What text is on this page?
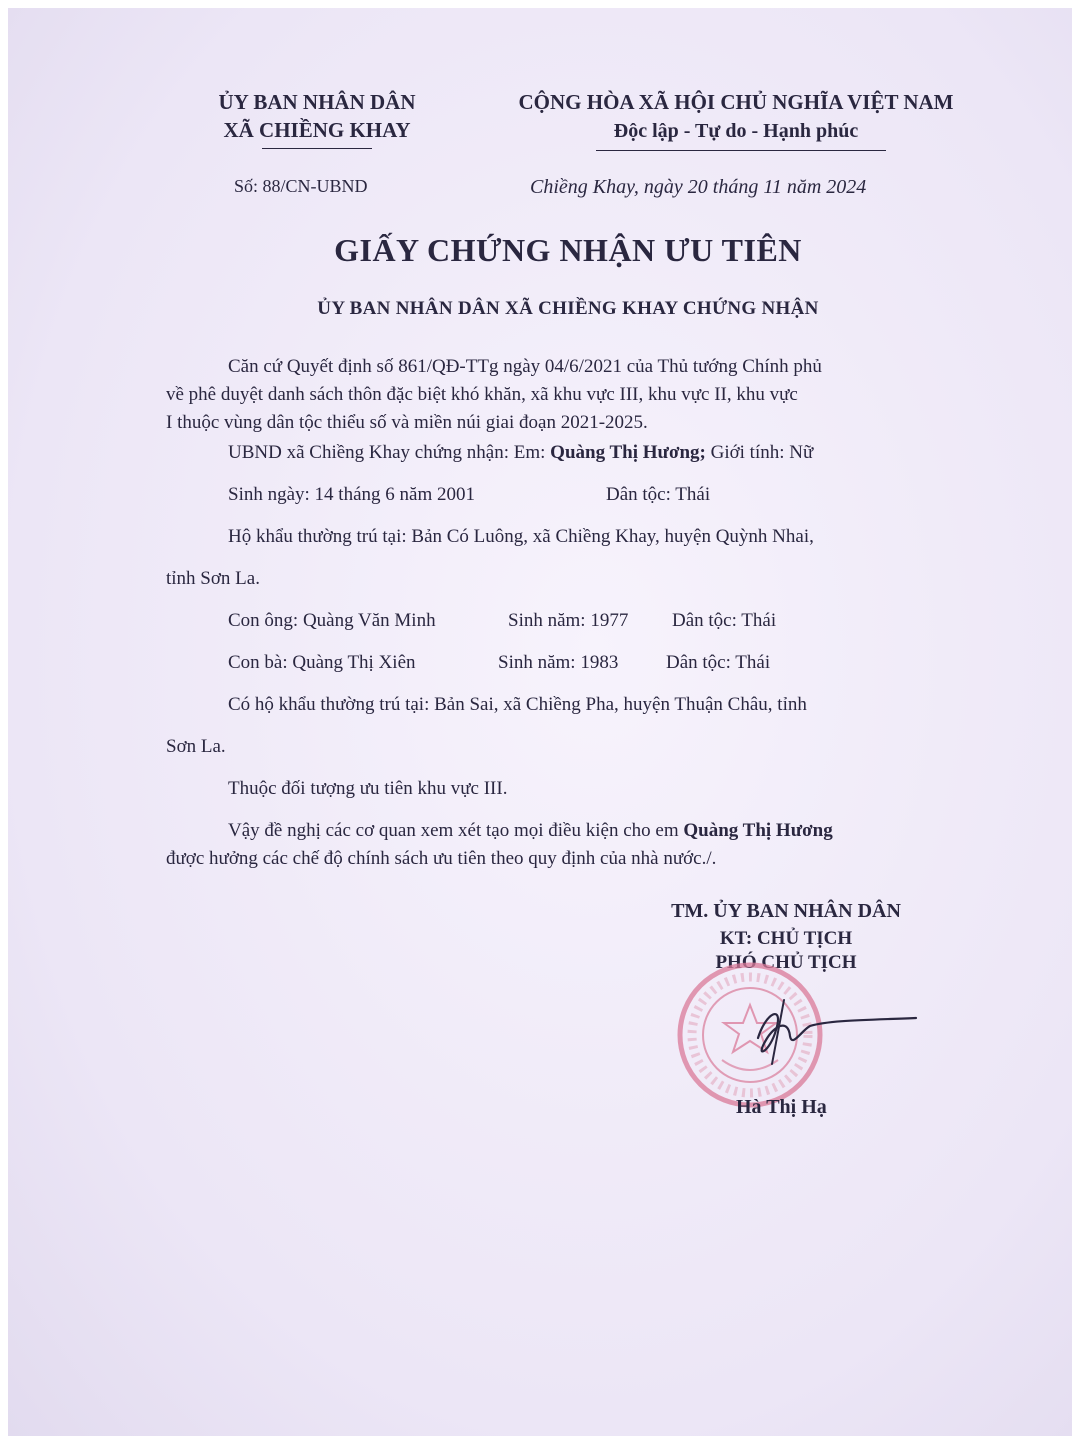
ỦY BAN NHÂN DÂN
XÃ CHIỀNG KHAY
CỘNG HÒA XÃ HỘI CHỦ NGHĨA VIỆT NAM
Độc lập - Tự do - Hạnh phúc
Số: 88/CN-UBND	Chiềng Khay, ngày 20 tháng 11 năm 2024
GIẤY CHỨNG NHẬN ƯU TIÊN
ỦY BAN NHÂN DÂN XÃ CHIỀNG KHAY CHỨNG NHẬN
Căn cứ Quyết định số 861/QĐ-TTg ngày 04/6/2021 của Thủ tướng Chính phủ
về phê duyệt danh sách thôn đặc biệt khó khăn, xã khu vực III, khu vực II, khu vực
I thuộc vùng dân tộc thiểu số và miền núi giai đoạn 2021-2025.
UBND xã Chiềng Khay chứng nhận: Em: Quàng Thị Hương; Giới tính: Nữ
Sinh ngày: 14 tháng 6 năm 2001	Dân tộc: Thái
Hộ khẩu thường trú tại: Bản Có Luông, xã Chiềng Khay, huyện Quỳnh Nhai,
tỉnh Sơn La.
Con ông: Quàng Văn Minh	Sinh năm: 1977 Dân tộc: Thái
Con bà: Quàng Thị Xiên	Sinh năm: 1983	Dân tộc: Thái
Có hộ khẩu thường trú tại: Bản Sai, xã Chiềng Pha, huyện Thuận Châu, tỉnh
Sơn La.
Thuộc đối tượng ưu tiên khu vực III.
Vậy đề nghị các cơ quan xem xét tạo mọi điều kiện cho em Quàng Thị Hương
được hưởng các chế độ chính sách ưu tiên theo quy định của nhà nước./.
TM. ỦY BAN NHÂN DÂN
KT: CHỦ TỊCH
PHÓ CHỦ TỊCH
Hà Thị Hạ
